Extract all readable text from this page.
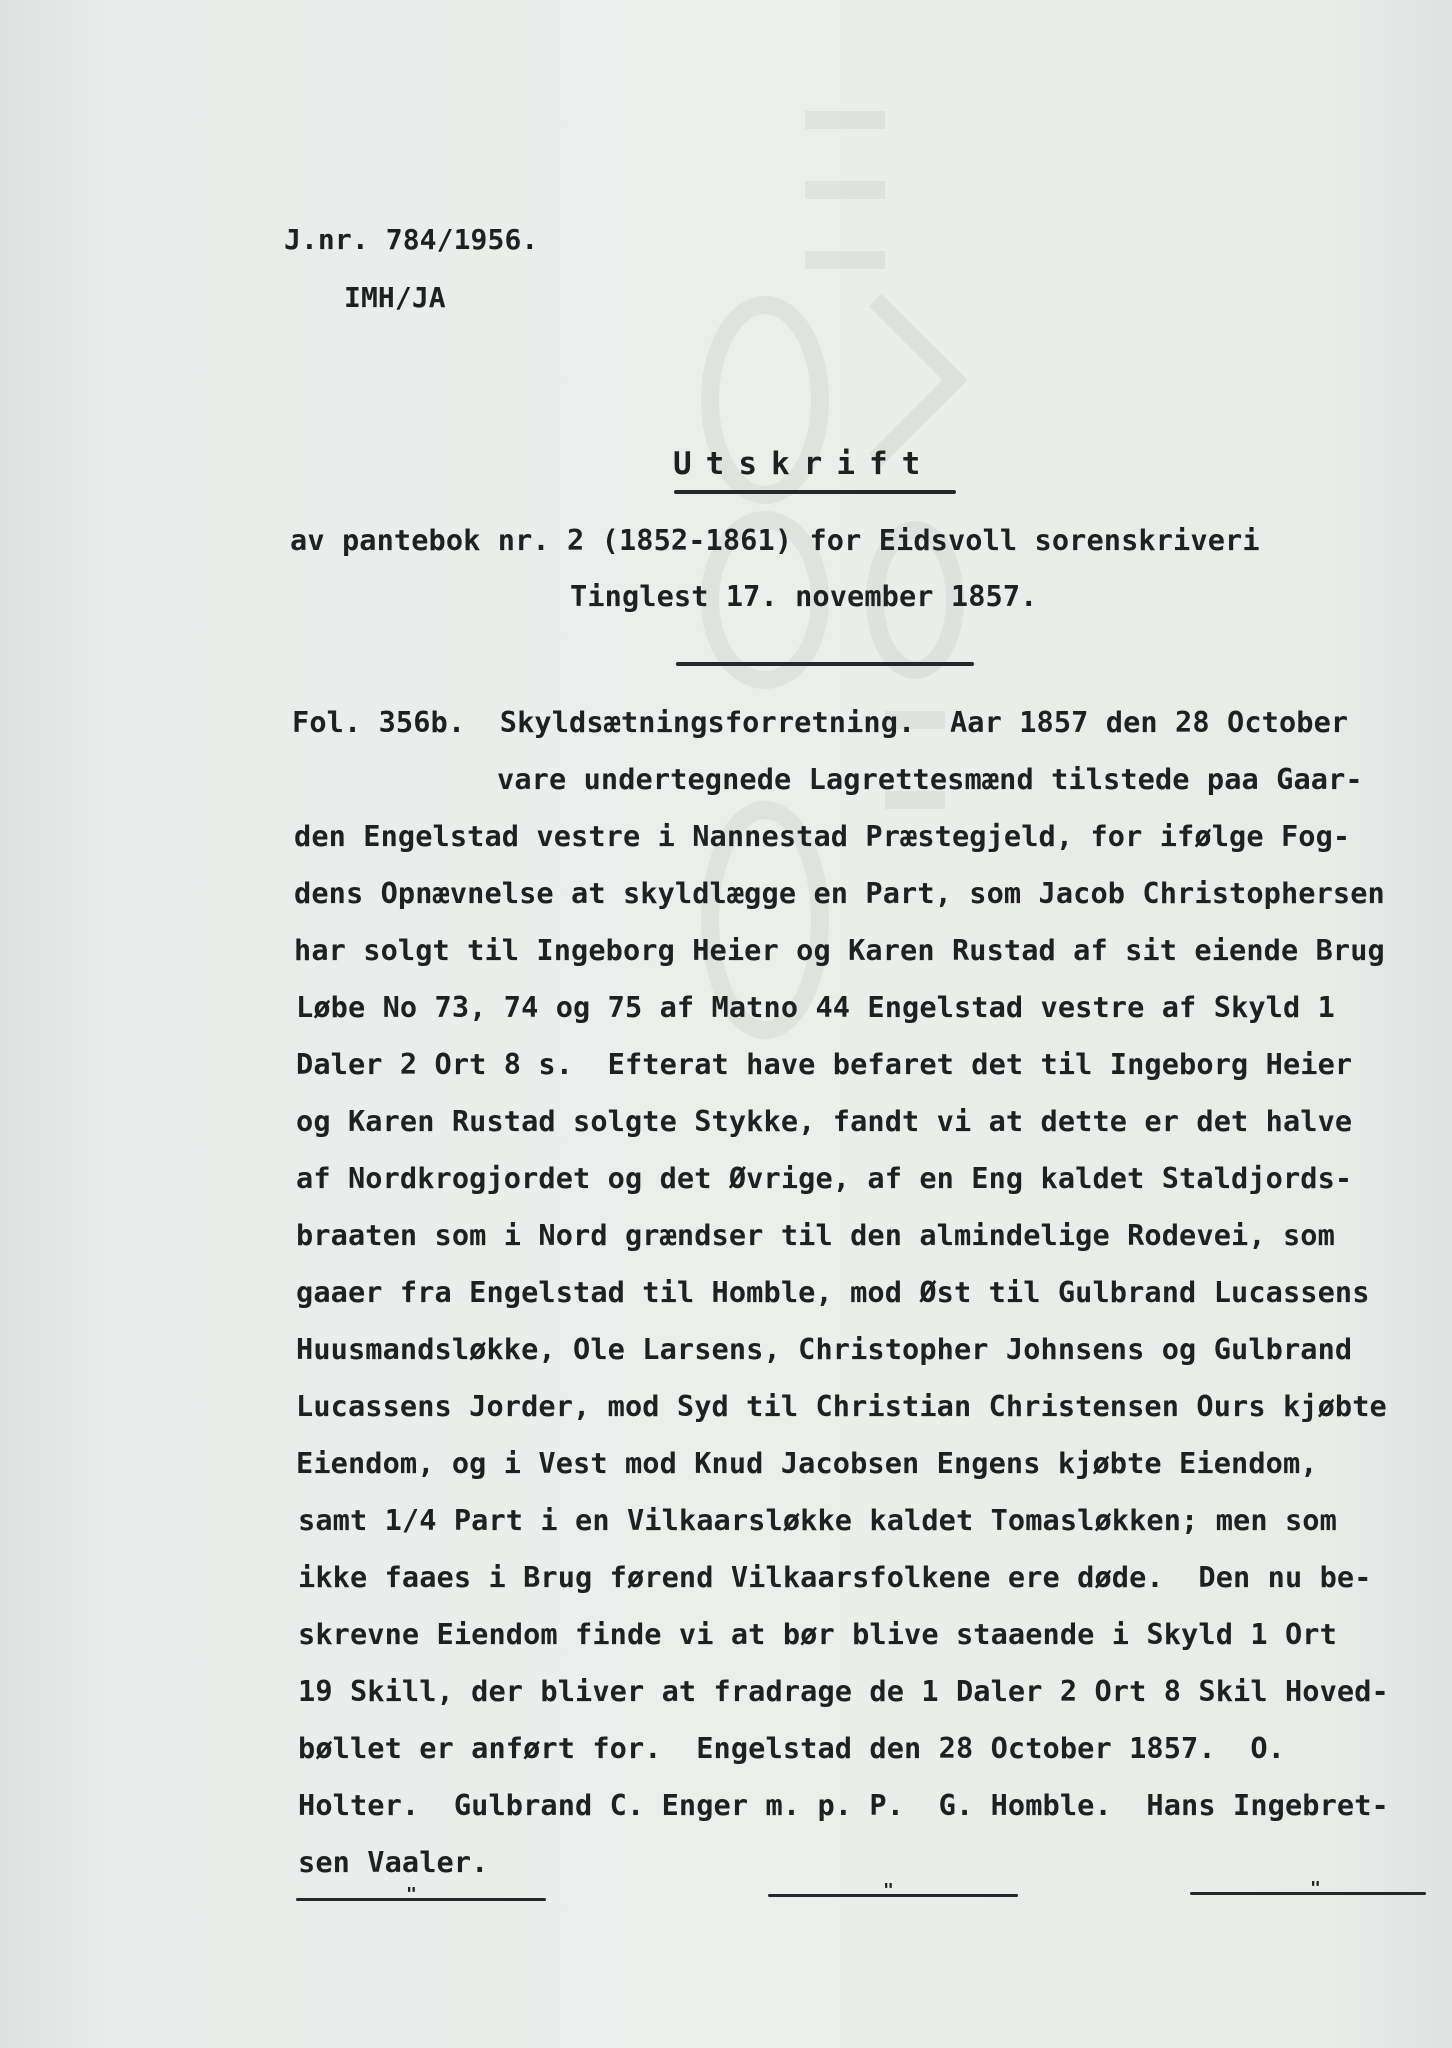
J.nr. 784/1956.
IMH/JA
Utskrift
av pantebok nr. 2 (1852-1861) for Eidsvoll sorenskriveri
Tinglest 17. november 1857.
Fol. 356b.  Skyldsætningsforretning.  Aar 1857 den 28 October
vare undertegnede Lagrettesmænd tilstede paa Gaar-
den Engelstad vestre i Nannestad Præstegjeld, for ifølge Fog-
dens Opnævnelse at skyldlægge en Part, som Jacob Christophersen
har solgt til Ingeborg Heier og Karen Rustad af sit eiende Brug
Løbe No 73, 74 og 75 af Matno 44 Engelstad vestre af Skyld 1
Daler 2 Ort 8 s.  Efterat have befaret det til Ingeborg Heier
og Karen Rustad solgte Stykke, fandt vi at dette er det halve
af Nordkrogjordet og det Øvrige, af en Eng kaldet Staldjords-
braaten som i Nord grændser til den almindelige Rodevei, som
gaaer fra Engelstad til Homble, mod Øst til Gulbrand Lucassens
Huusmandsløkke, Ole Larsens, Christopher Johnsens og Gulbrand
Lucassens Jorder, mod Syd til Christian Christensen Ours kjøbte
Eiendom, og i Vest mod Knud Jacobsen Engens kjøbte Eiendom,
samt 1/4 Part i en Vilkaarsløkke kaldet Tomasløkken; men som
ikke faaes i Brug førend Vilkaarsfolkene ere døde.  Den nu be-
skrevne Eiendom finde vi at bør blive staaende i Skyld 1 Ort
19 Skill, der bliver at fradrage de 1 Daler 2 Ort 8 Skil Hoved-
bøllet er anført for.  Engelstad den 28 October 1857.  O.
Holter.  Gulbrand C. Enger m. p. P.  G. Homble.  Hans Ingebret-
sen Vaaler.
"	"	"
